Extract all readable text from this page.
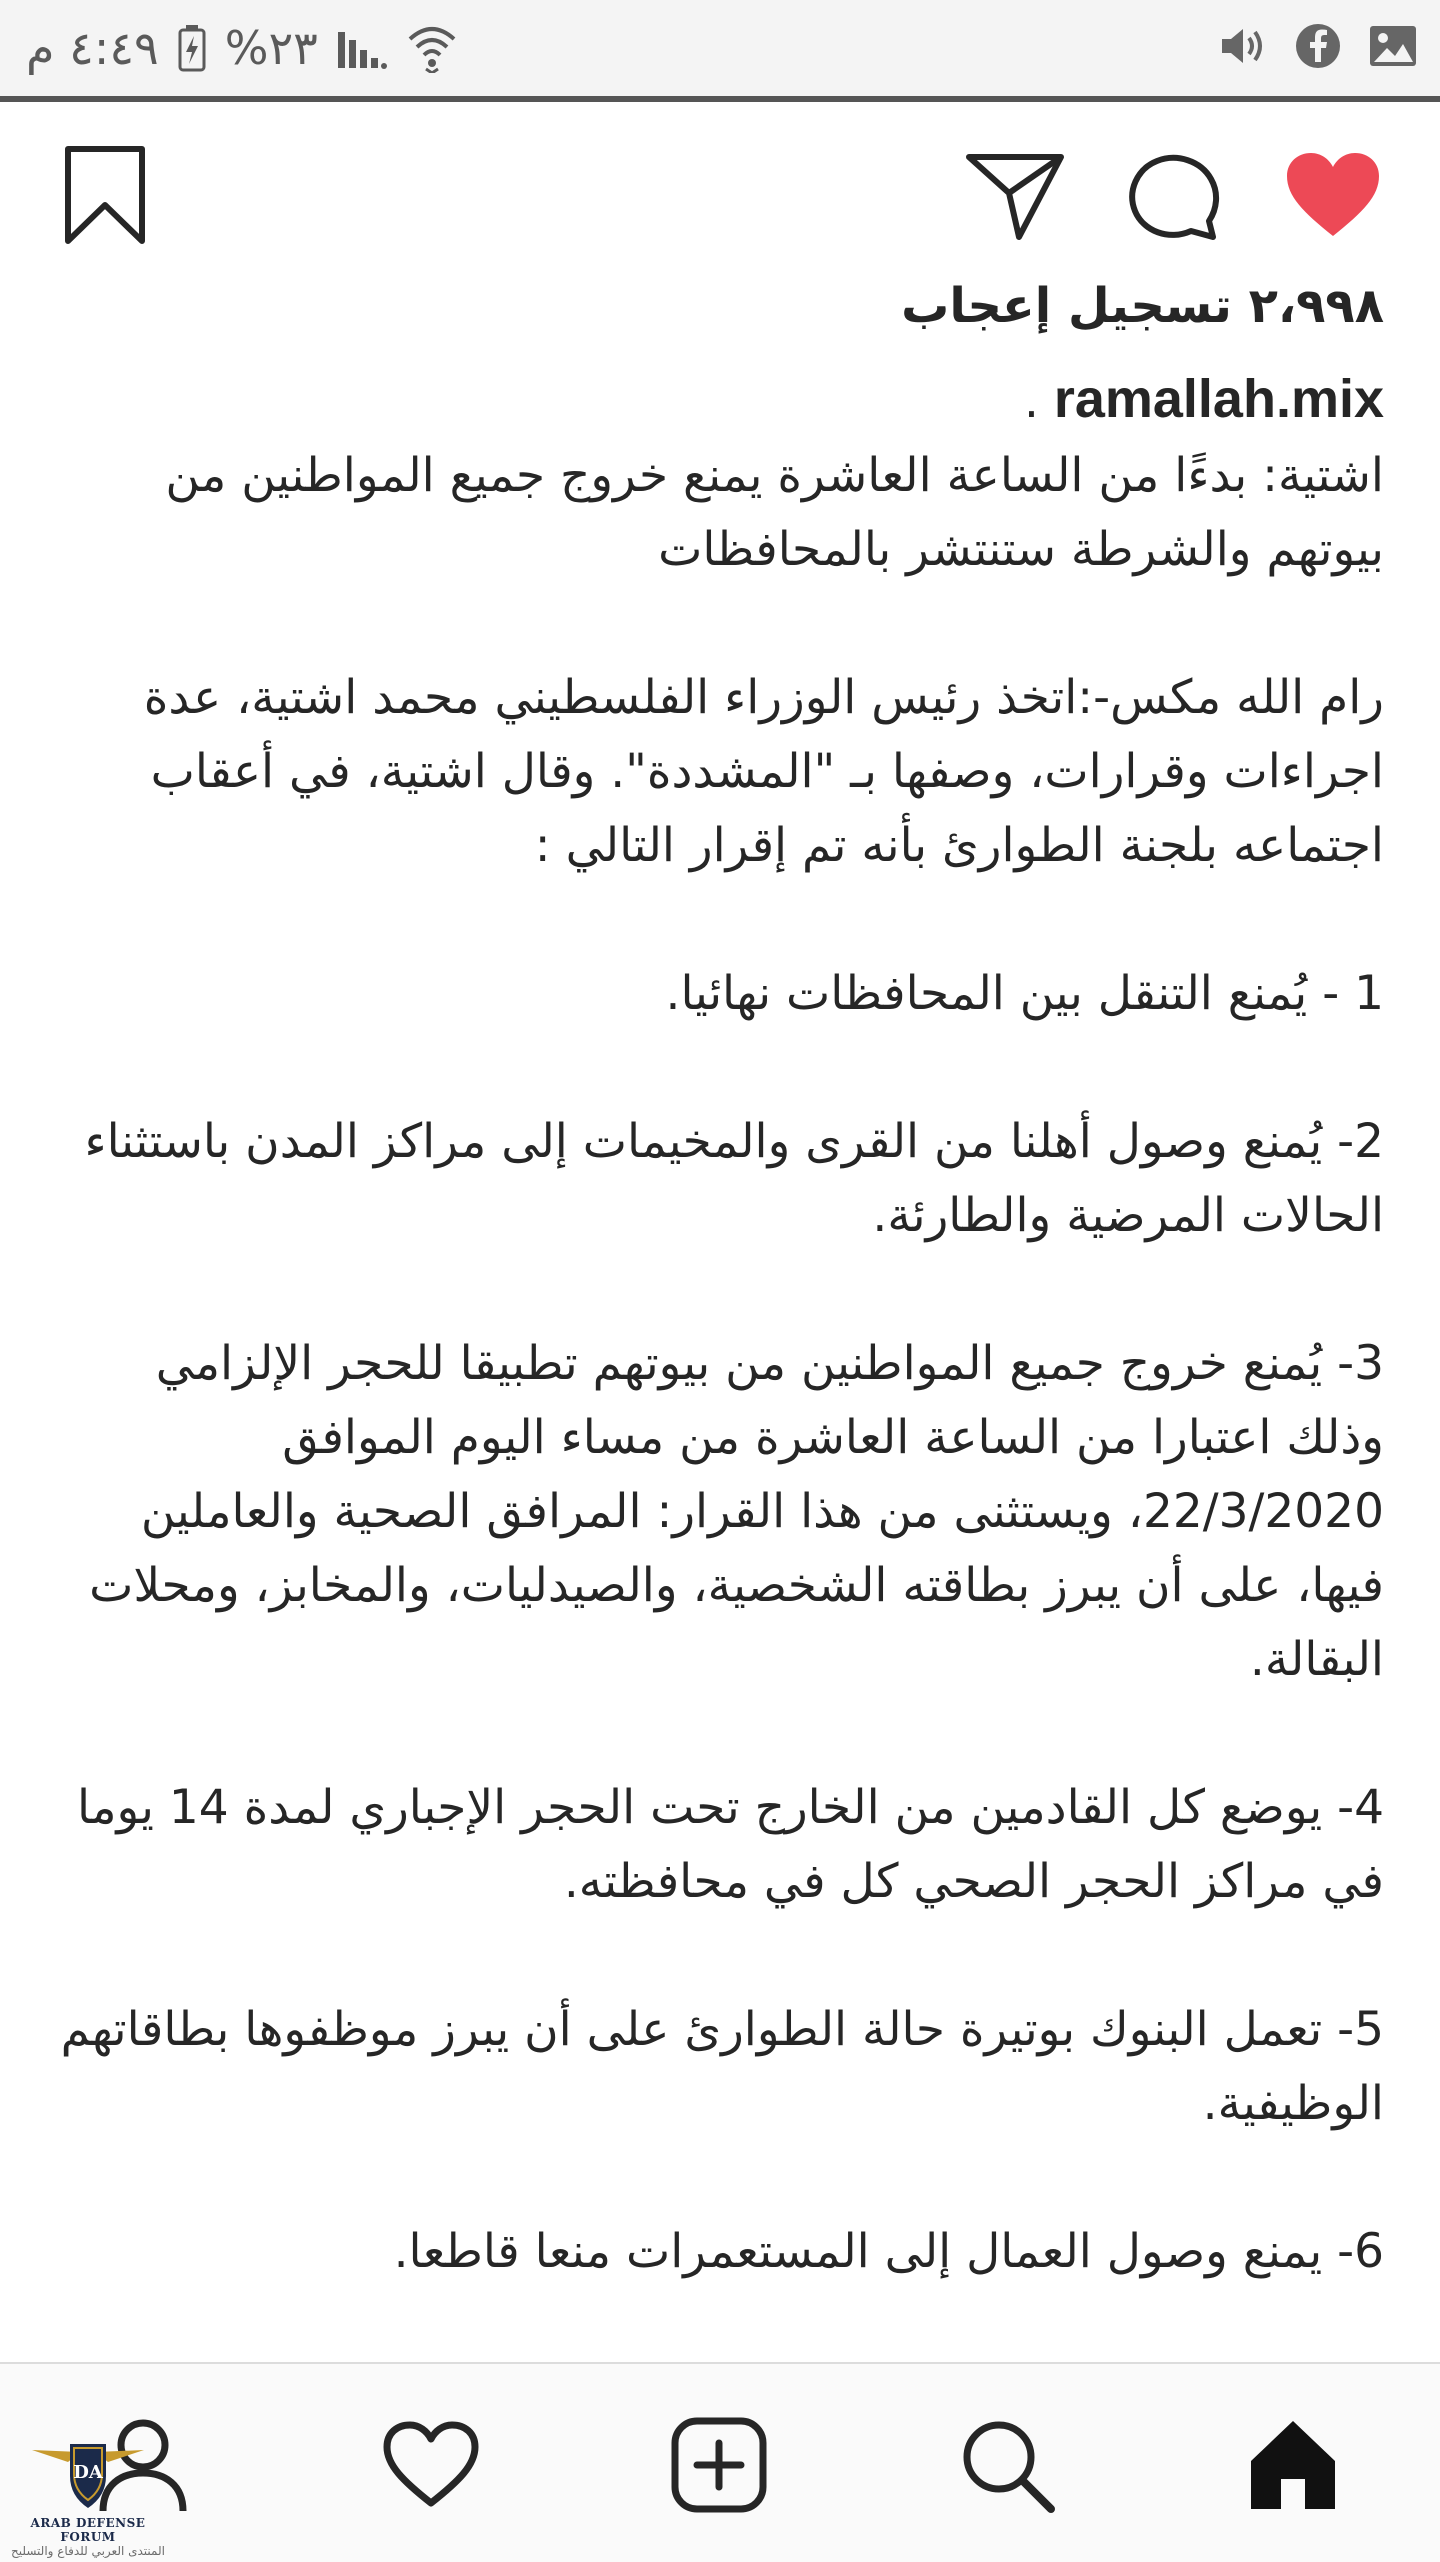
٤:٤٩ م %٢٣
٢،٩٩٨ تسجيل إعجاب
ramallah.mix .

اشتية: بدءًا من الساعة العاشرة يمنع خروج جميع المواطنين من بيوتهم والشرطة ستنتشر بالمحافظات

رام الله مكس-:اتخذ رئيس الوزراء الفلسطيني محمد اشتية، عدة اجراءات وقرارات، وصفها بـ "المشددة". وقال اشتية، في أعقاب اجتماعه بلجنة الطوارئ بأنه تم إقرار التالي :

1 - يُمنع التنقل بين المحافظات نهائيا.

2- يُمنع وصول أهلنا من القرى والمخيمات إلى مراكز المدن باستثناء الحالات المرضية والطارئة.

3- يُمنع خروج جميع المواطنين من بيوتهم تطبيقا للحجر الإلزامي وذلك اعتبارا من الساعة العاشرة من مساء اليوم الموافق 22/3/2020، ويستثنى من هذا القرار: المرافق الصحية والعاملين فيها، على أن يبرز بطاقته الشخصية، والصيدليات، والمخابز، ومحلات البقالة.

4- يوضع كل القادمين من الخارج تحت الحجر الإجباري لمدة 14 يوما في مراكز الحجر الصحي كل في محافظته.

5- تعمل البنوك بوتيرة حالة الطوارئ على أن يبرز موظفوها بطاقاتهم الوظيفية.

6- يمنع وصول العمال إلى المستعمرات منعا قاطعا.

DA
ARAB DEFENSE FORUM
المنتدى العربي للدفاع والتسليح
